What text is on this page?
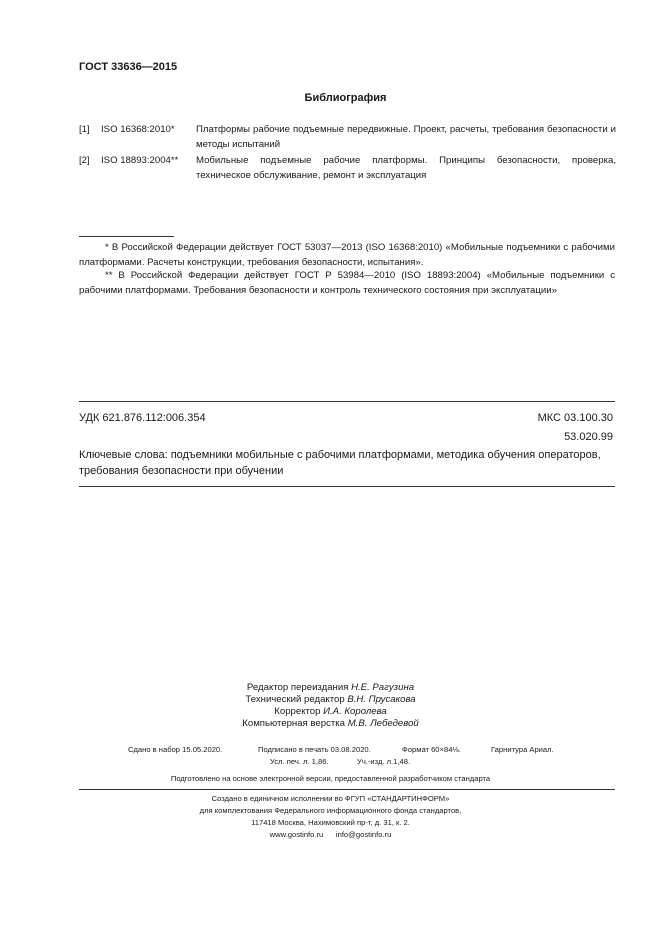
ГОСТ 33636—2015
Библиография
[1] ISO 16368:2010* Платформы рабочие подъемные передвижные. Проект, расчеты, требования безопасности и методы испытаний
[2] ISO 18893:2004** Мобильные подъемные рабочие платформы. Принципы безопасности, проверка, техническое обслуживание, ремонт и эксплуатация
* В Российской Федерации действует ГОСТ 53037—2013 (ISO 16368:2010) «Мобильные подъемники с рабочими платформами. Расчеты конструкции, требования безопасности, испытания».
** В Российской Федерации действует ГОСТ Р 53984—2010 (ISO 18893:2004) «Мобильные подъемники с рабочими платформами. Требования безопасности и контроль технического состояния при эксплуатации»
УДК 621.876.112:006.354	МКС 03.100.30
53.020.99
Ключевые слова: подъемники мобильные с рабочими платформами, методика обучения операторов, требования безопасности при обучении
Редактор переиздания Н.Е. Рагузина
Технический редактор В.Н. Прусакова
Корректор И.А. Королева
Компьютерная верстка М.В. Лебедевой
Сдано в набор 15.05.2020.	Подписано в печать 03.08.2020.	Формат 60×84⅛.	Гарнитура Ариал.
Усл. печ. л. 1,86.	Уч.-изд. л.1,48.
Подготовлено на основе электронной версии, предоставленной разработчиком стандарта
Создано в единичном исполнении во ФГУП «СТАНДАРТИНФОРМ»
для комплектования Федерального информационного фонда стандартов,
117418 Москва, Нахимовский пр-т, д. 31, к. 2.
www.gostinfo.ru      info@gostinfo.ru
